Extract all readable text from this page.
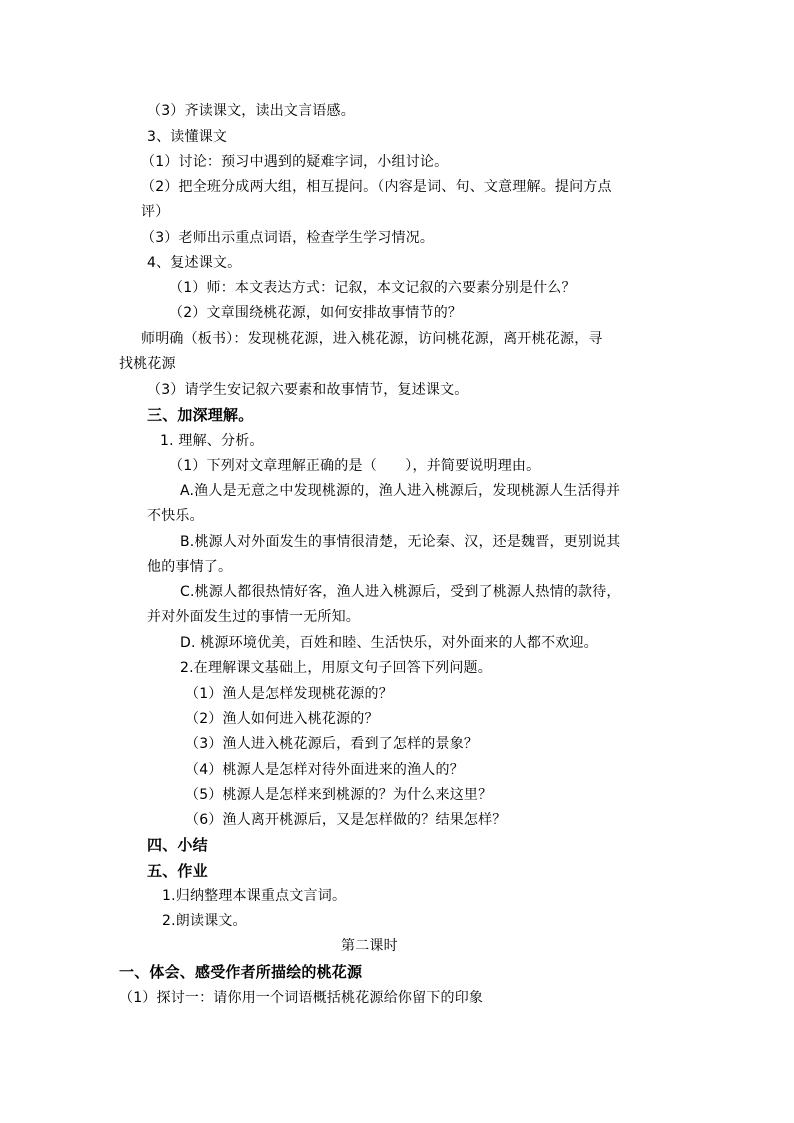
（3）齐读课文，读出文言语感。
3、读懂课文
（1）讨论：预习中遇到的疑难字词，小组讨论。
（2）把全班分成两大组，相互提问。（内容是词、句、文意理解。提问方点
评）
（3）老师出示重点词语，检查学生学习情况。
4、复述课文。
（1）师：本文表达方式：记叙，本文记叙的六要素分别是什么？
（2）文章围绕桃花源，如何安排故事情节的？
师明确（板书）：发现桃花源，进入桃花源，访问桃花源，离开桃花源，寻
找桃花源
（3）请学生安记叙六要素和故事情节，复述课文。
三、加深理解。
1. 理解、分析。
（1）下列对文章理解正确的是（　　），并简要说明理由。
A.渔人是无意之中发现桃源的，渔人进入桃源后，发现桃源人生活得并
不快乐。
B.桃源人对外面发生的事情很清楚，无论秦、汉，还是魏晋，更别说其
他的事情了。
C.桃源人都很热情好客，渔人进入桃源后，受到了桃源人热情的款待，
并对外面发生过的事情一无所知。
D. 桃源环境优美，百姓和睦、生活快乐，对外面来的人都不欢迎。
2.在理解课文基础上，用原文句子回答下列问题。
（1）渔人是怎样发现桃花源的？
（2）渔人如何进入桃花源的？
（3）渔人进入桃花源后，看到了怎样的景象？
（4）桃源人是怎样对待外面进来的渔人的？
（5）桃源人是怎样来到桃源的？为什么来这里？
（6）渔人离开桃源后，又是怎样做的？结果怎样？
四、小结
五、作业
1.归纳整理本课重点文言词。
2.朗读课文。
第二课时
一、体会、感受作者所描绘的桃花源
（1）探讨一：请你用一个词语概括桃花源给你留下的印象
